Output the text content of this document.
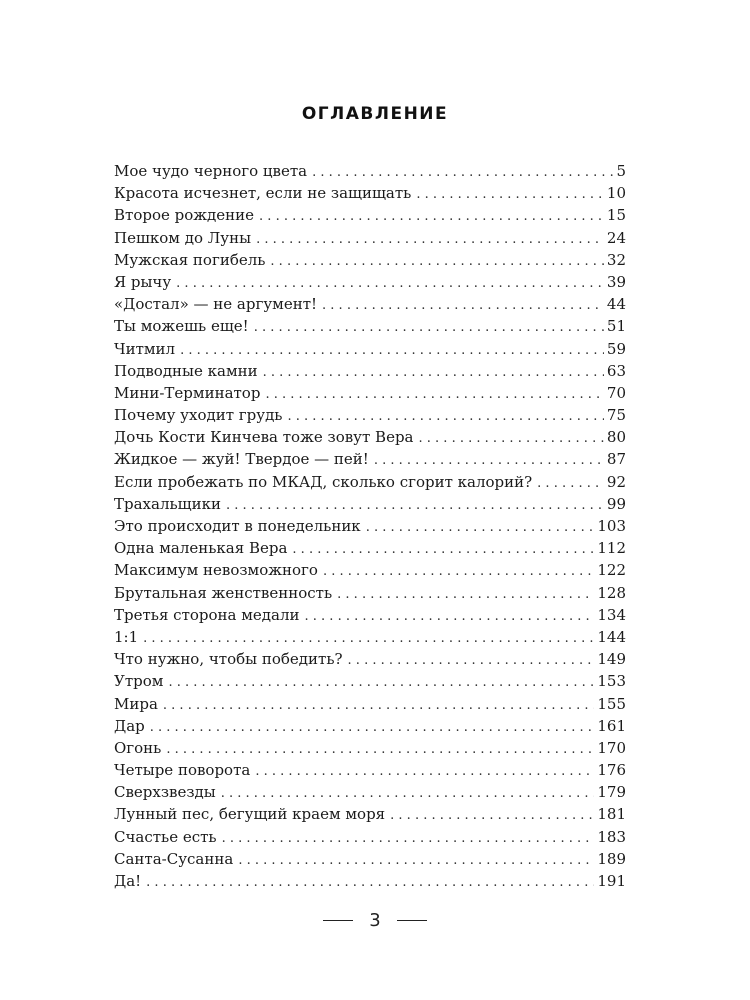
ОГЛАВЛЕНИЕ
Мое чудо черного цвета . . .	5
Красота исчезнет, если не защищать . . .	10
Второе рождение . . .	15
Пешком до Луны . . .	24
Мужская погибель . . .	32
Я рычу . . .	39
«Достал» — не аргумент! . . .	44
Ты можешь еще! . . .	51
Читмил . . .	59
Подводные камни . . .	63
Мини-Терминатор . . .	70
Почему уходит грудь . . .	75
Дочь Кости Кинчева тоже зовут Вера . . .	80
Жидкое — жуй! Твердое — пей! . . .	87
Если пробежать по МКАД, сколько сгорит калорий? . . .	92
Трахальщики . . .	99
Это происходит в понедельник . . .	103
Одна маленькая Вера . . .	112
Максимум невозможного . . .	122
Брутальная женственность . . .	128
Третья сторона медали . . .	134
1:1 . . .	144
Что нужно, чтобы победить? . . .	149
Утром . . .	153
Мира . . .	155
Дар . . .	161
Огонь . . .	170
Четыре поворота . . .	176
Сверхзвезды . . .	179
Лунный пес, бегущий краем моря . . .	181
Счастье есть . . .	183
Санта-Сусанна . . .	189
Да! . . .	191
3
